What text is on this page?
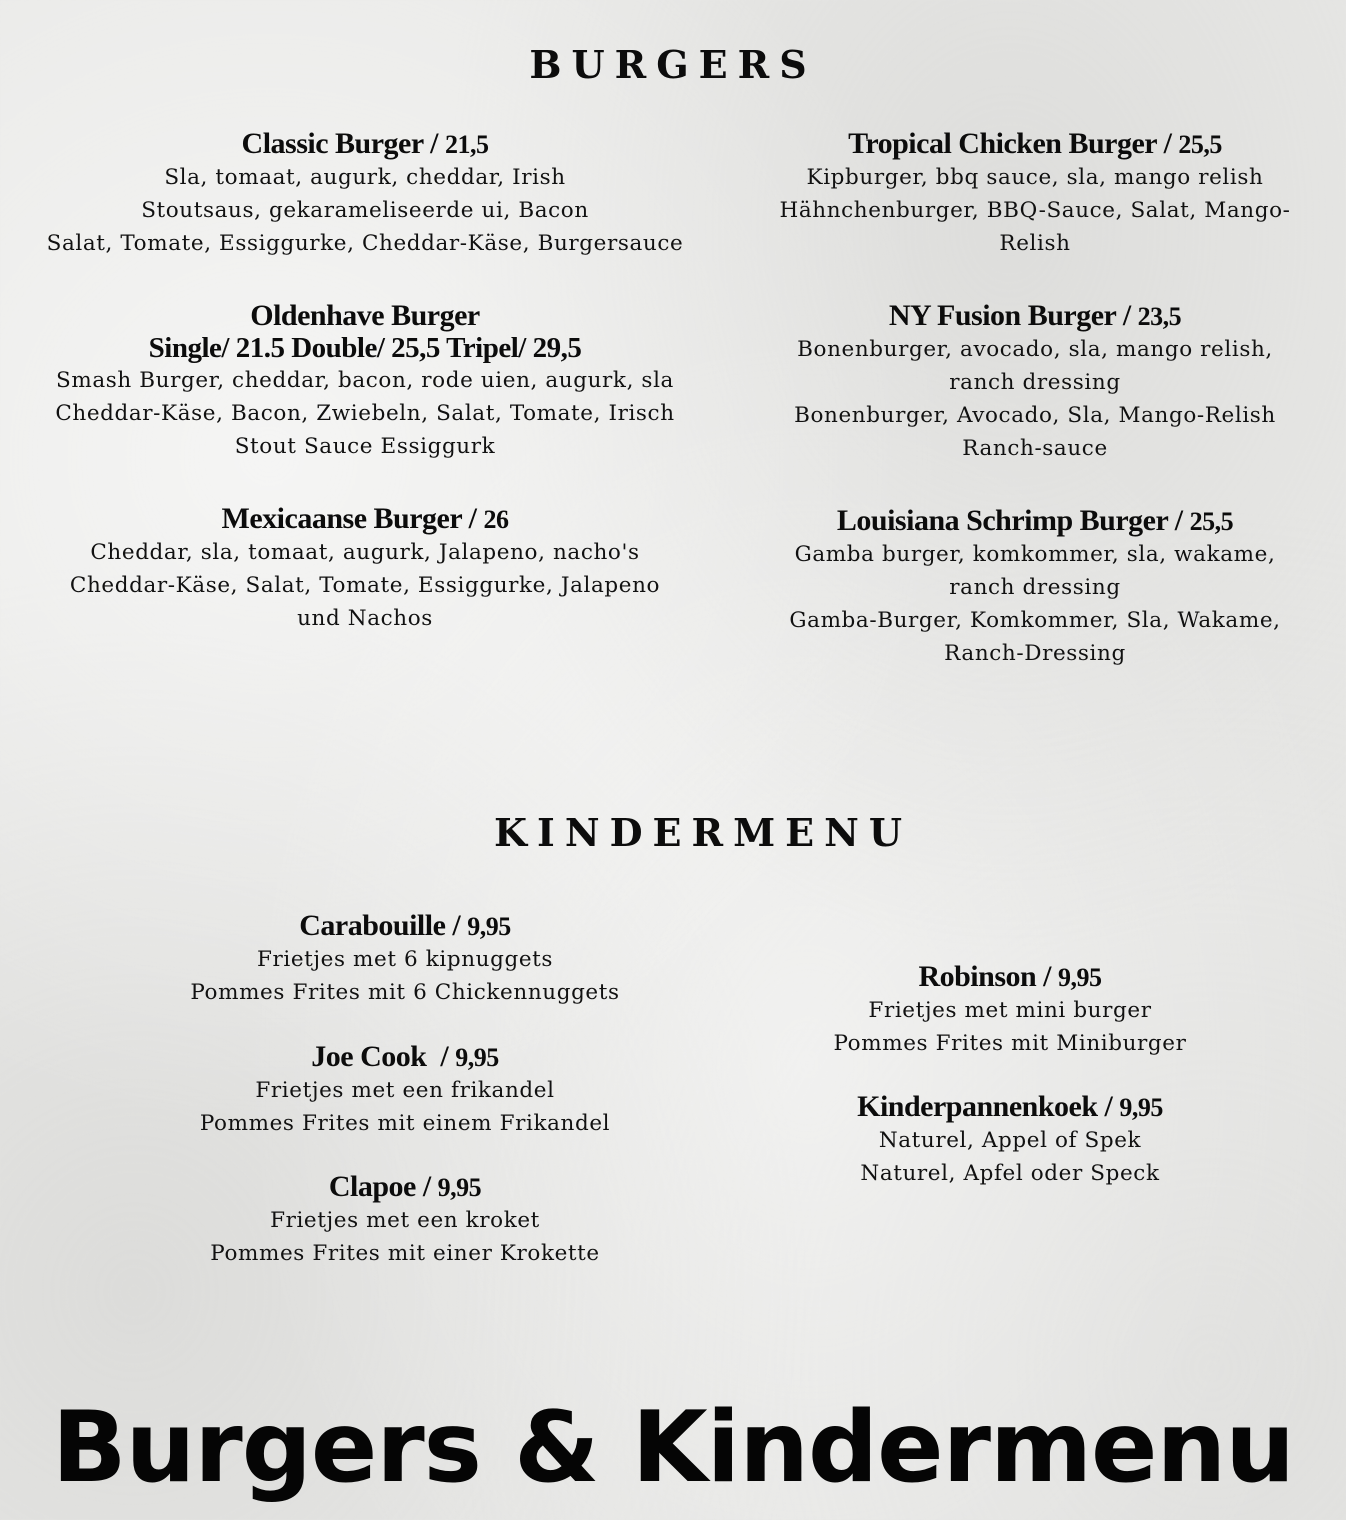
BURGERS
Classic Burger / 21,5
Sla, tomaat, augurk, cheddar, Irish
Stoutsaus, gekarameliseerde ui, Bacon
Salat, Tomate, Essiggurke, Cheddar-Käse, Burgersauce
Oldenhave Burger
Single/ 21.5 Double/ 25,5 Tripel/ 29,5
Smash Burger, cheddar, bacon, rode uien, augurk, sla
Cheddar-Käse, Bacon, Zwiebeln, Salat, Tomate, Irisch
Stout Sauce Essiggurk
Mexicaanse Burger / 26
Cheddar, sla, tomaat, augurk, Jalapeno, nacho's
Cheddar-Käse, Salat, Tomate, Essiggurke, Jalapeno
und Nachos
Tropical Chicken Burger / 25,5
Kipburger, bbq sauce, sla, mango relish
Hähnchenburger, BBQ-Sauce, Salat, Mango-
Relish
NY Fusion Burger / 23,5
Bonenburger, avocado, sla, mango relish,
ranch dressing
Bonenburger, Avocado, Sla, Mango-Relish
Ranch-sauce
Louisiana Schrimp Burger / 25,5
Gamba burger, komkommer, sla, wakame,
ranch dressing
Gamba-Burger, Komkommer, Sla, Wakame,
Ranch-Dressing
KINDERMENU
Carabouille / 9,95
Frietjes met 6 kipnuggets
Pommes Frites mit 6 Chickennuggets
Joe Cook  / 9,95
Frietjes met een frikandel
Pommes Frites mit einem Frikandel
Clapoe / 9,95
Frietjes met een kroket
Pommes Frites mit einer Krokette
Robinson / 9,95
Frietjes met mini burger
Pommes Frites mit Miniburger
Kinderpannenkoek / 9,95
Naturel, Appel of Spek
Naturel, Apfel oder Speck
Burgers & Kindermenu
